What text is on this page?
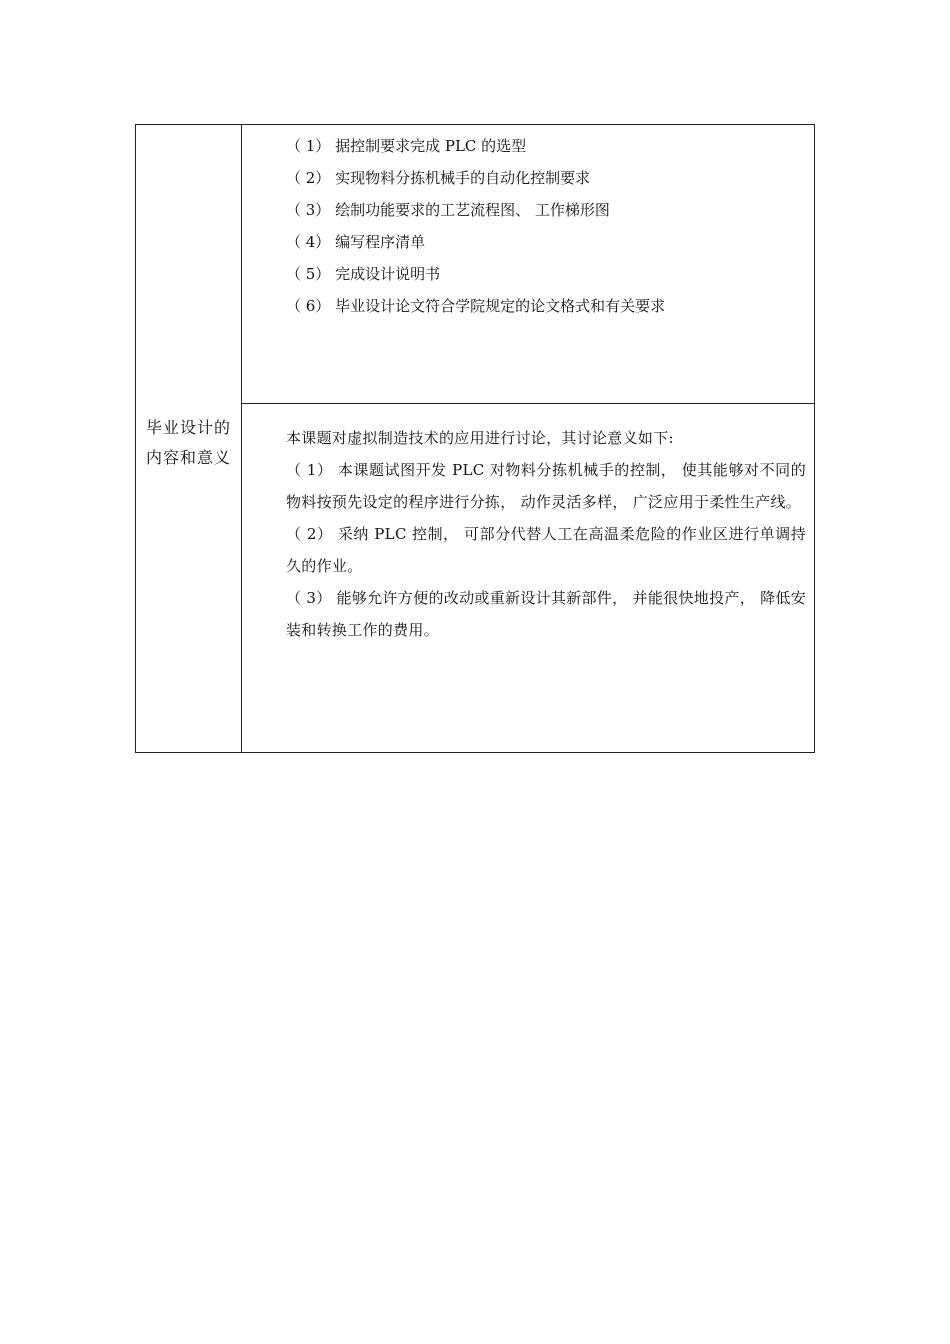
毕业设计的内容和意义
（ 1） 据控制要求完成 PLC 的选型
（ 2） 实现物料分拣机械手的自动化控制要求
（ 3） 绘制功能要求的工艺流程图、 工作梯形图
（ 4） 编写程序清单
（ 5） 完成设计说明书
（ 6） 毕业设计论文符合学院规定的论文格式和有关要求

本课题对虚拟制造技术的应用进行讨论，其讨论意义如下:

（ 1） 本课题试图开发 PLC 对物料分拣机械手的控制， 使其能够对不同的物料按预先设定的程序进行分拣， 动作灵活多样， 广泛应用于柔性生产线。

（ 2） 采纳 PLC 控制， 可部分代替人工在高温柔危险的作业区进行单调持久的作业。

（ 3） 能够允许方便的改动或重新设计其新部件， 并能很快地投产， 降低安装和转换工作的费用。
